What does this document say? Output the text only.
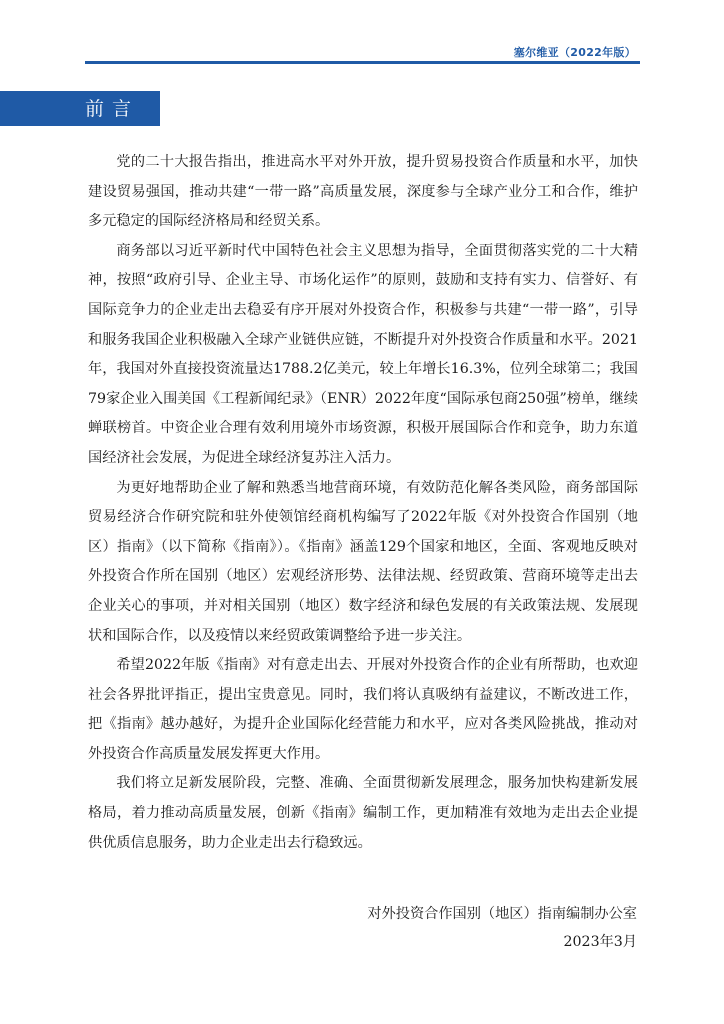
塞尔维亚（2022年版）
前言

党的二十大报告指出，推进高水平对外开放，提升贸易投资合作质量和水平，加快建设贸易强国，推动共建“一带一路”高质量发展，深度参与全球产业分工和合作，维护多元稳定的国际经济格局和经贸关系。

商务部以习近平新时代中国特色社会主义思想为指导，全面贯彻落实党的二十大精神，按照“政府引导、企业主导、市场化运作”的原则，鼓励和支持有实力、信誉好、有国际竞争力的企业走出去稳妥有序开展对外投资合作，积极参与共建“一带一路”，引导和服务我国企业积极融入全球产业链供应链，不断提升对外投资合作质量和水平。2021年，我国对外直接投资流量达1788.2亿美元，较上年增长16.3%，位列全球第二；我国79家企业入围美国《工程新闻纪录》（ENR）2022年度“国际承包商250强”榜单，继续蝉联榜首。中资企业合理有效利用境外市场资源，积极开展国际合作和竞争，助力东道国经济社会发展，为促进全球经济复苏注入活力。

为更好地帮助企业了解和熟悉当地营商环境，有效防范化解各类风险，商务部国际贸易经济合作研究院和驻外使领馆经商机构编写了2022年版《对外投资合作国别（地区）指南》（以下简称《指南》）。《指南》涵盖129个国家和地区，全面、客观地反映对外投资合作所在国别（地区）宏观经济形势、法律法规、经贸政策、营商环境等走出去企业关心的事项，并对相关国别（地区）数字经济和绿色发展的有关政策法规、发展现状和国际合作，以及疫情以来经贸政策调整给予进一步关注。

希望2022年版《指南》对有意走出去、开展对外投资合作的企业有所帮助，也欢迎社会各界批评指正，提出宝贵意见。同时，我们将认真吸纳有益建议，不断改进工作，把《指南》越办越好，为提升企业国际化经营能力和水平，应对各类风险挑战，推动对外投资合作高质量发展发挥更大作用。

我们将立足新发展阶段，完整、准确、全面贯彻新发展理念，服务加快构建新发展格局，着力推动高质量发展，创新《指南》编制工作，更加精准有效地为走出去企业提供优质信息服务，助力企业走出去行稳致远。

对外投资合作国别（地区）指南编制办公室
2023年3月
